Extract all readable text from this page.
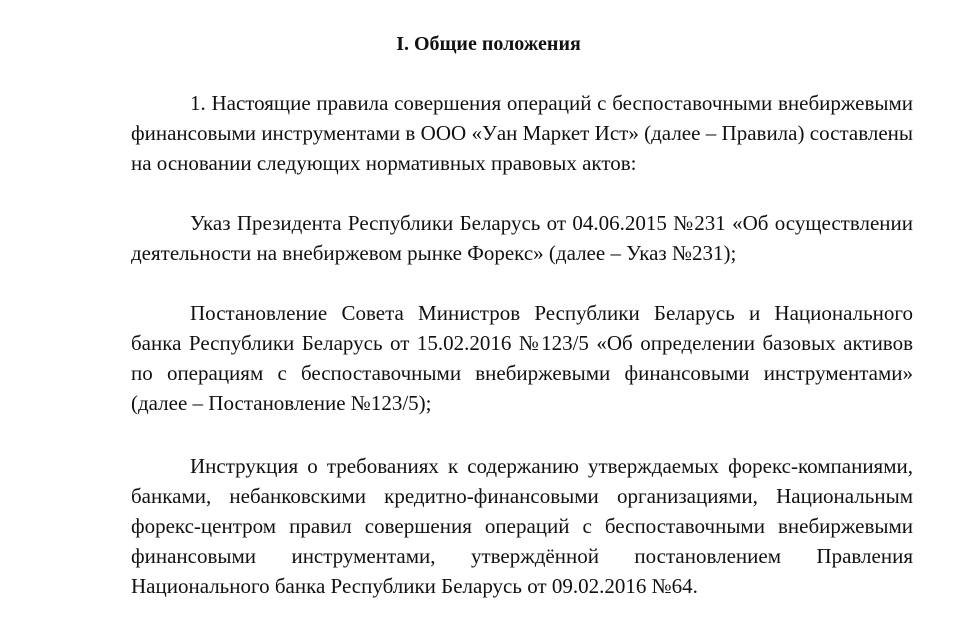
I. Общие положения

1. Настоящие правила совершения операций с беспоставочными внебиржевыми финансовыми инструментами в ООО «Уан Маркет Ист» (далее – Правила) составлены на основании следующих нормативных правовых актов:

Указ Президента Республики Беларусь от 04.06.2015 №231 «Об осуществлении деятельности на внебиржевом рынке Форекс» (далее – Указ №231);

Постановление Совета Министров Республики Беларусь и Национального банка Республики Беларусь от 15.02.2016 №123/5 «Об определении базовых активов по операциям с беспоставочными внебиржевыми финансовыми инструментами» (далее – Постановление №123/5);

Инструкция о требованиях к содержанию утверждаемых форекс-компаниями, банками, небанковскими кредитно-финансовыми организациями, Национальным форекс-центром правил совершения операций с беспоставочными внебиржевыми финансовыми инструментами, утверждённой постановлением Правления Национального банка Республики Беларусь от 09.02.2016 №64.
